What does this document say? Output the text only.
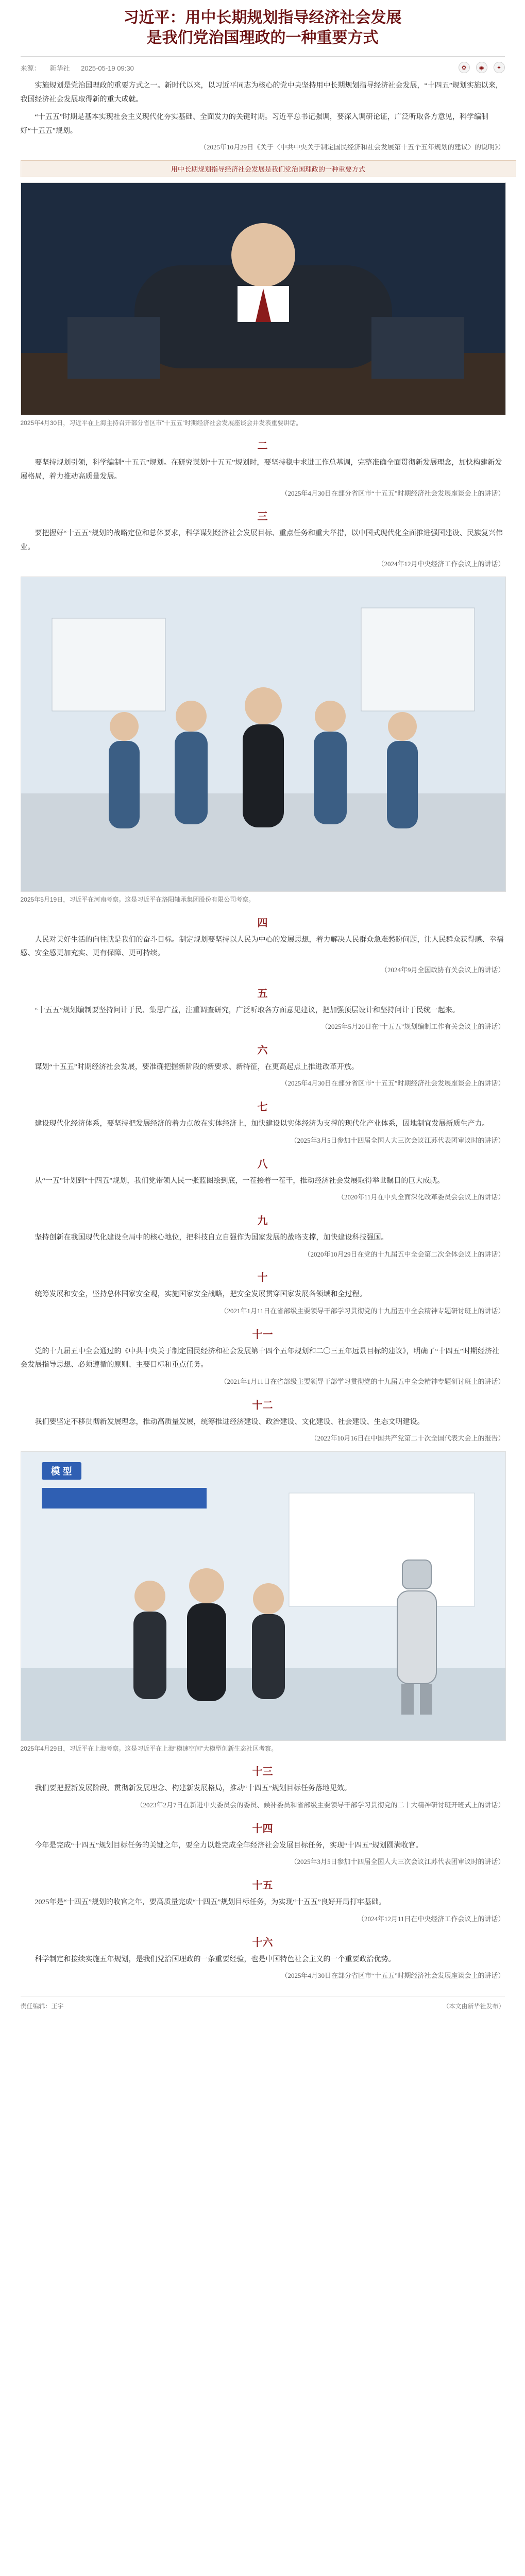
习近平：用中长期规划指导经济社会发展
是我们党治国理政的一种重要方式
来源： 新华社 2025-05-19 09:30	✿	◉	✦

实施规划是党治国理政的重要方式之一。新时代以来，以习近平同志为核心的党中央坚持用中长期规划指导经济社会发展，“十四五”规划实施以来，我国经济社会发展取得新的重大成就。

“十五五”时期是基本实现社会主义现代化夯实基础、全面发力的关键时期。习近平总书记强调，要深入调研论证，广泛听取各方意见，科学编制好“十五五”规划。

（2025年10月29日《关于〈中共中央关于制定国民经济和社会发展第十五个五年规划的建议〉的说明》）

用中长期规划指导经济社会发展是我们党治国理政的一种重要方式

2025年4月30日，习近平在上海主持召开部分省区市“十五五”时期经济社会发展座谈会并发表重要讲话。

二

要坚持规划引领，科学编制“十五五”规划。在研究谋划“十五五”规划时，要坚持稳中求进工作总基调，完整准确全面贯彻新发展理念，加快构建新发展格局，着力推动高质量发展。

（2025年4月30日在部分省区市“十五五”时期经济社会发展座谈会上的讲话）

三

要把握好“十五五”规划的战略定位和总体要求，科学谋划经济社会发展目标、重点任务和重大举措，以中国式现代化全面推进强国建设、民族复兴伟业。

（2024年12月中央经济工作会议上的讲话）

2025年5月19日，习近平在河南考察。这是习近平在洛阳轴承集团股份有限公司考察。

四

人民对美好生活的向往就是我们的奋斗目标。制定规划要坚持以人民为中心的发展思想，着力解决人民群众急难愁盼问题，让人民群众获得感、幸福感、安全感更加充实、更有保障、更可持续。

（2024年9月全国政协有关会议上的讲话）

五

“十五五”规划编制要坚持问计于民、集思广益，注重调查研究，广泛听取各方面意见建议，把加强顶层设计和坚持问计于民统一起来。

（2025年5月20日在“十五五”规划编制工作有关会议上的讲话）

六

谋划“十五五”时期经济社会发展，要准确把握新阶段的新要求、新特征，在更高起点上推进改革开放。

（2025年4月30日在部分省区市“十五五”时期经济社会发展座谈会上的讲话）

七

建设现代化经济体系，要坚持把发展经济的着力点放在实体经济上，加快建设以实体经济为支撑的现代化产业体系，因地制宜发展新质生产力。

（2025年3月5日参加十四届全国人大三次会议江苏代表团审议时的讲话）

八

从“一五”计划到“十四五”规划，我们党带领人民一张蓝图绘到底，一茬接着一茬干，推动经济社会发展取得举世瞩目的巨大成就。

（2020年11月在中央全面深化改革委员会会议上的讲话）

九

坚持创新在我国现代化建设全局中的核心地位，把科技自立自强作为国家发展的战略支撑，加快建设科技强国。

（2020年10月29日在党的十九届五中全会第二次全体会议上的讲话）

十

统筹发展和安全，坚持总体国家安全观，实施国家安全战略，把安全发展贯穿国家发展各领域和全过程。

（2021年1月11日在省部级主要领导干部学习贯彻党的十九届五中全会精神专题研讨班上的讲话）

十一

党的十九届五中全会通过的《中共中央关于制定国民经济和社会发展第十四个五年规划和二〇三五年远景目标的建议》，明确了“十四五”时期经济社会发展指导思想、必须遵循的原则、主要目标和重点任务。

（2021年1月11日在省部级主要领导干部学习贯彻党的十九届五中全会精神专题研讨班上的讲话）

十二

我们要坚定不移贯彻新发展理念，推动高质量发展，统筹推进经济建设、政治建设、文化建设、社会建设、生态文明建设。

（2022年10月16日在中国共产党第二十次全国代表大会上的报告）

模 型

2025年4月29日，习近平在上海考察。这是习近平在上海“模速空间”大模型创新生态社区考察。

十三

我们要把握新发展阶段、贯彻新发展理念、构建新发展格局，推动“十四五”规划目标任务落地见效。

（2023年2月7日在新进中央委员会的委员、候补委员和省部级主要领导干部学习贯彻党的二十大精神研讨班开班式上的讲话）

十四

今年是完成“十四五”规划目标任务的关键之年，要全力以赴完成全年经济社会发展目标任务，实现“十四五”规划圆满收官。

（2025年3月5日参加十四届全国人大三次会议江苏代表团审议时的讲话）

十五

2025年是“十四五”规划的收官之年，要高质量完成“十四五”规划目标任务，为实现“十五五”良好开局打牢基础。

（2024年12月11日在中央经济工作会议上的讲话）

十六

科学制定和接续实施五年规划，是我们党治国理政的一条重要经验，也是中国特色社会主义的一个重要政治优势。

（2025年4月30日在部分省区市“十五五”时期经济社会发展座谈会上的讲话）

责任编辑：王宇	（本文由新华社发布）
